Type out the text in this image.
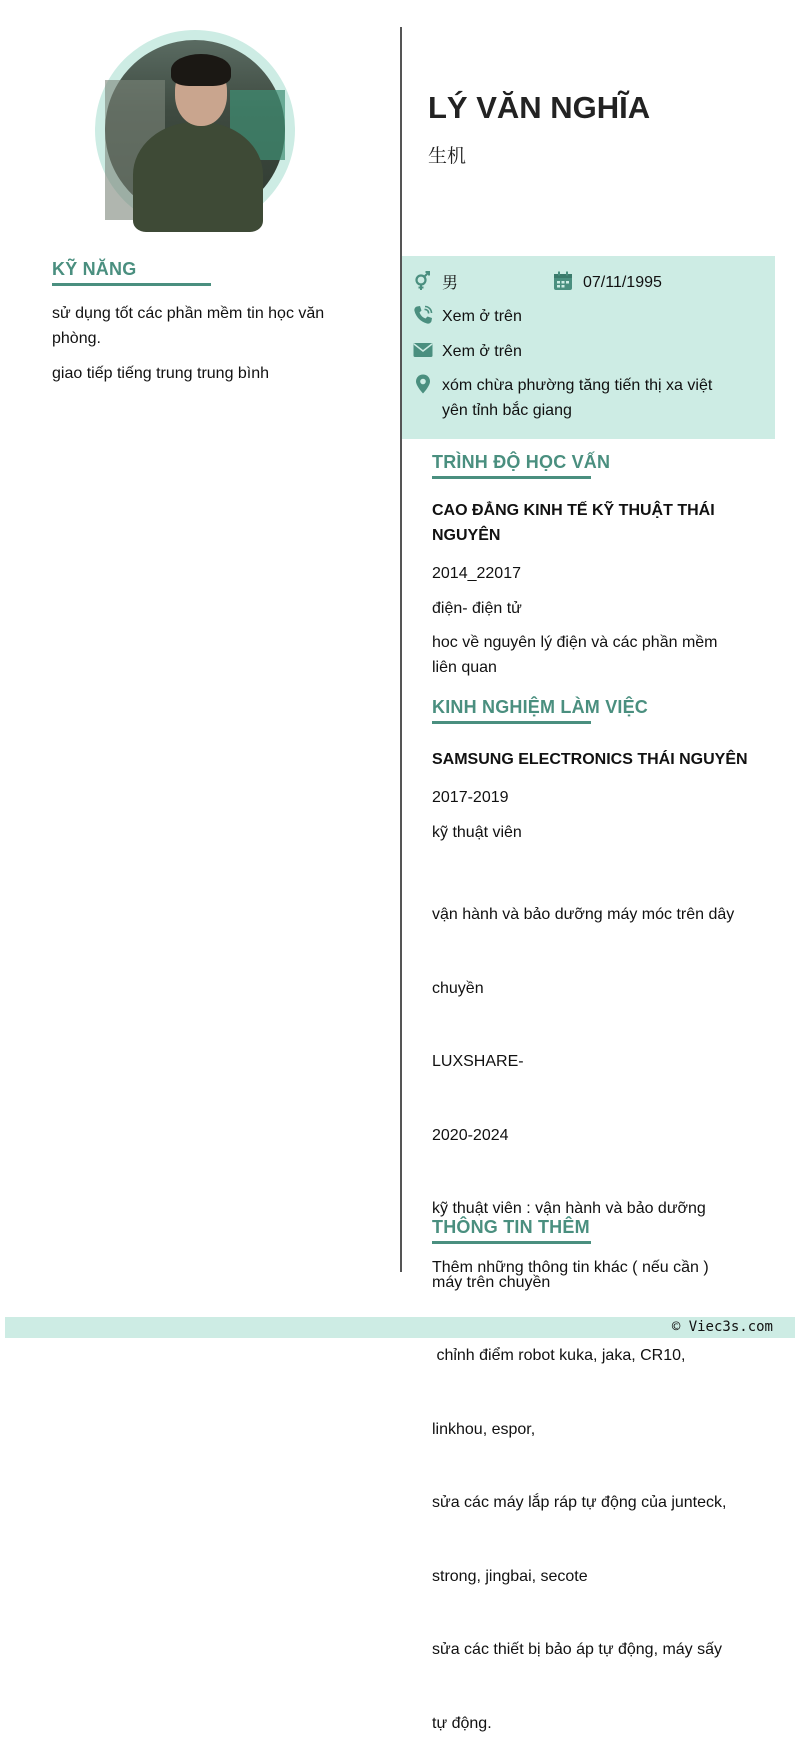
KỸ NĂNG
sử dụng tốt các phần mềm tin học văn
phòng.
giao tiếp tiếng trung trung bình
LÝ VĂN NGHĨA
生机
男	07/11/1995
Xem ở trên
Xem ở trên
xóm chừa phường tăng tiến thị xa việt
yên tỉnh bắc giang
TRÌNH ĐỘ HỌC VẤN
CAO ĐẲNG KINH TẾ KỸ THUẬT THÁI
NGUYÊN
2014_22017
điện- điện tử
hoc về nguyên lý điện và các phần mềm
liên quan
KINH NGHIỆM LÀM VIỆC
SAMSUNG ELECTRONICS THÁI NGUYÊN
2017-2019
kỹ thuật viên

vận hành và bảo dưỡng máy móc trên dây

chuyền

LUXSHARE-

2020-2024

kỹ thuật viên : vận hành và bảo dưỡng

máy trên chuyền

chỉnh điểm robot kuka, jaka, CR10,

linkhou, espor,

sửa các máy lắp ráp tự động của junteck,

strong, jingbai, secote

sửa các thiết bị bảo áp tự động, máy sấy

tự động.

THÔNG TIN THÊM
Thêm những thông tin khác ( nếu cần )
© Viec3s.com
